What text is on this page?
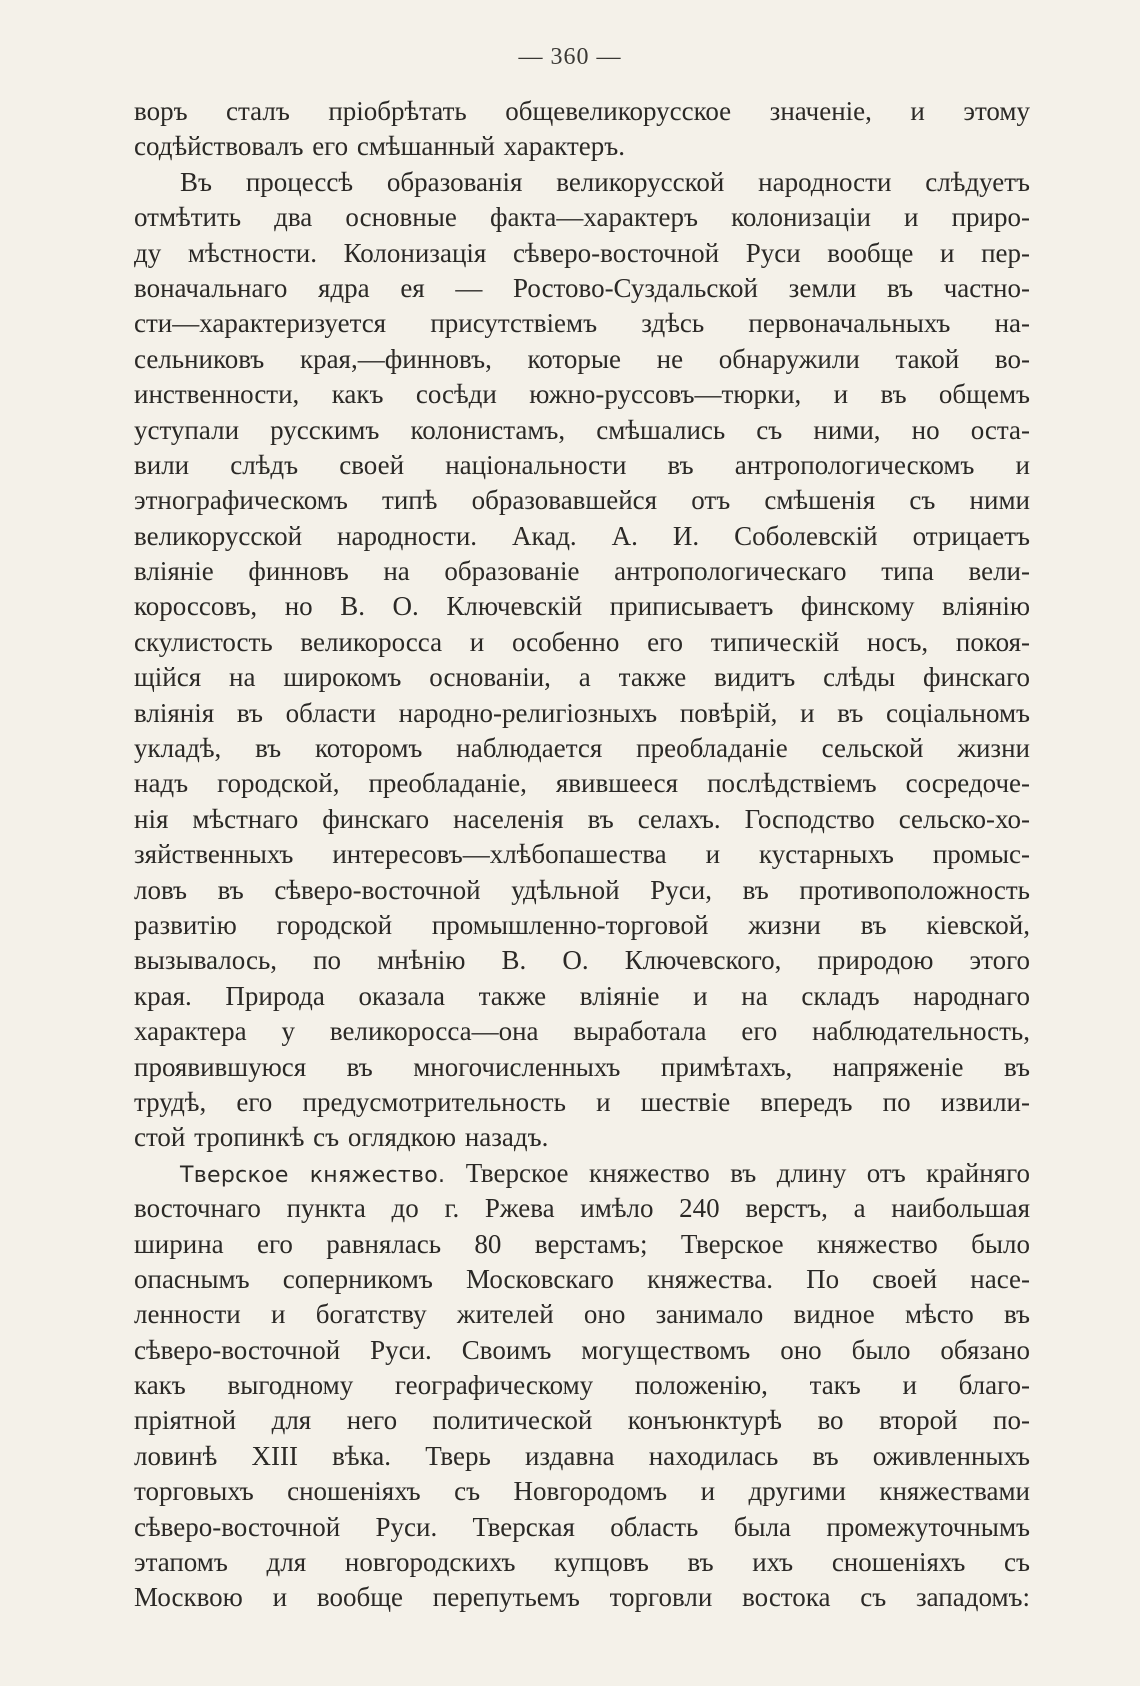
— 360 —
воръ сталъ пріобрѣтать общевеликорусское значеніе, и этому
содѣйствовалъ его смѣшанный характеръ.
Въ процессѣ образованія великорусской народности слѣдуетъ
отмѣтить два основные факта—характеръ колонизаціи и приро-
ду мѣстности. Колонизація сѣверо-восточной Руси вообще и пер-
воначальнаго ядра ея — Ростово-Суздальской земли въ частно-
сти—характеризуется присутствіемъ здѣсь первоначальныхъ на-
сельниковъ края,—финновъ, которые не обнаружили такой во-
инственности, какъ сосѣди южно-руссовъ—тюрки, и въ общемъ
уступали русскимъ колонистамъ, смѣшались съ ними, но оста-
вили слѣдъ своей національности въ антропологическомъ и
этнографическомъ типѣ образовавшейся отъ смѣшенія съ ними
великорусской народности. Акад. А. И. Соболевскій отрицаетъ
вліяніе финновъ на образованіе антропологическаго типа вели-
короссовъ, но В. О. Ключевскій приписываетъ финскому вліянію
скулистость великоросса и особенно его типическій носъ, покоя-
щійся на широкомъ основаніи, а также видитъ слѣды финскаго
вліянія въ области народно-религіозныхъ повѣрій, и въ соціальномъ
укладѣ, въ которомъ наблюдается преобладаніе сельской жизни
надъ городской, преобладаніе, явившееся послѣдствіемъ сосредоче-
нія мѣстнаго финскаго населенія въ селахъ. Господство сельско-хо-
зяйственныхъ интересовъ—хлѣбопашества и кустарныхъ промыс-
ловъ въ сѣверо-восточной удѣльной Руси, въ противоположность
развитію городской промышленно-торговой жизни въ кіевской,
вызывалось, по мнѣнію В. О. Ключевского, природою этого
края. Природа оказала также вліяніе и на складъ народнаго
характера у великоросса—она выработала его наблюдательность,
проявившуюся въ многочисленныхъ примѣтахъ, напряженіе въ
трудѣ, его предусмотрительность и шествіе впередъ по извили-
стой тропинкѣ съ оглядкою назадъ.
Тверское княжество. Тверское княжество въ длину отъ крайняго
восточнаго пункта до г. Ржева имѣло 240 верстъ, а наибольшая
ширина его равнялась 80 верстамъ; Тверское княжество было
опаснымъ соперникомъ Московскаго княжества. По своей насе-
ленности и богатству жителей оно занимало видное мѣсто въ
сѣверо-восточной Руси. Своимъ могуществомъ оно было обязано
какъ выгодному географическому положенію, такъ и благо-
пріятной для него политической конъюнктурѣ во второй по-
ловинѣ XIII вѣка. Тверь издавна находилась въ оживленныхъ
торговыхъ сношеніяхъ съ Новгородомъ и другими княжествами
сѣверо-восточной Руси. Тверская область была промежуточнымъ
этапомъ для новгородскихъ купцовъ въ ихъ сношеніяхъ съ
Москвою и вообще перепутьемъ торговли востока съ западомъ:
